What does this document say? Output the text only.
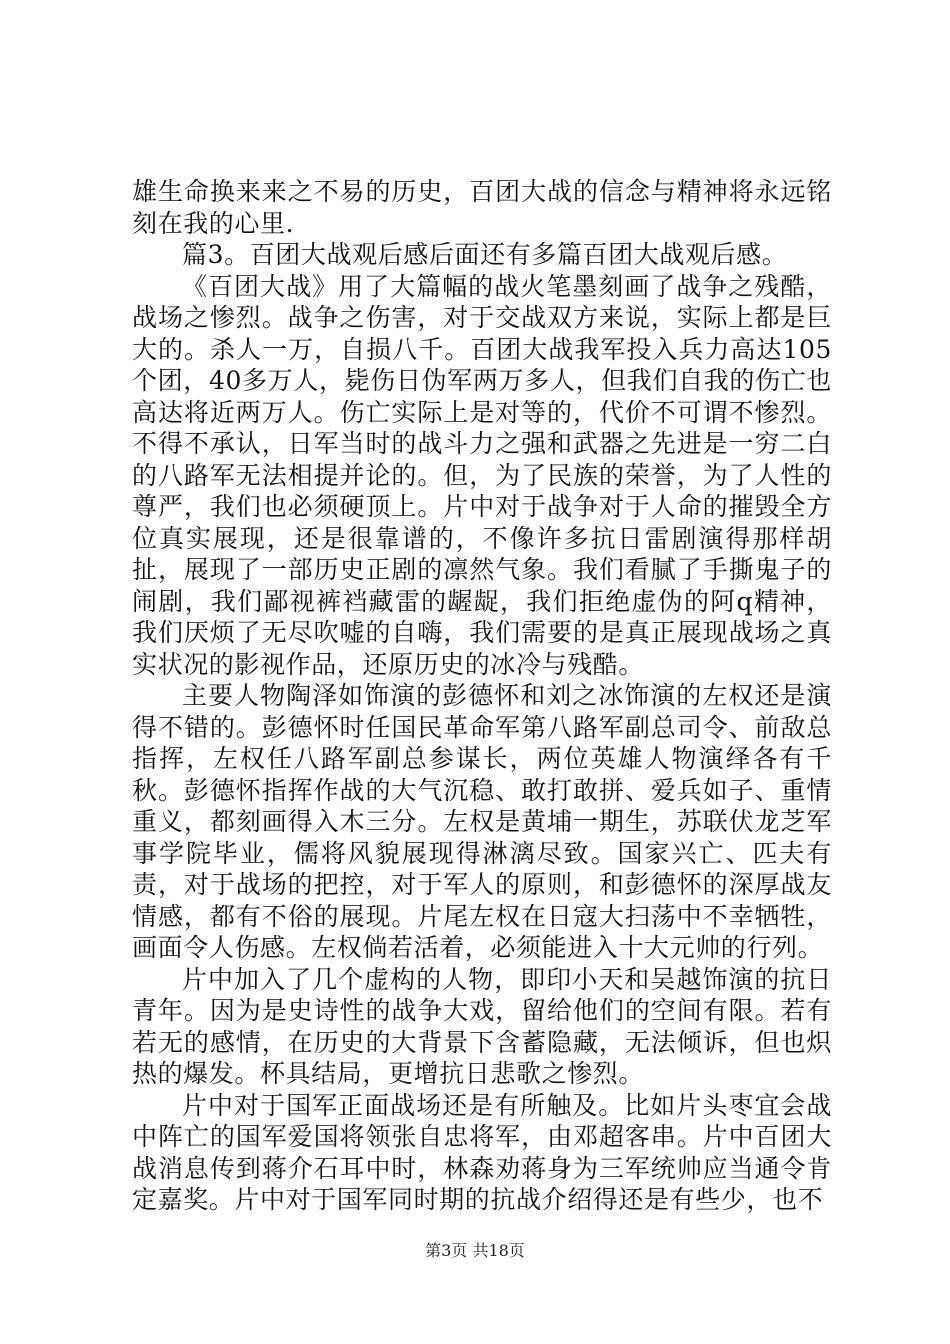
雄生命换来来之不易的历史，百团大战的信念与精神将永远铭刻在我的心里.

篇3。百团大战观后感后面还有多篇百团大战观后感。

《百团大战》用了大篇幅的战火笔墨刻画了战争之残酷，战场之惨烈。战争之伤害，对于交战双方来说，实际上都是巨大的。杀人一万，自损八千。百团大战我军投入兵力高达105个团，40多万人，毙伤日伪军两万多人，但我们自我的伤亡也高达将近两万人。伤亡实际上是对等的，代价不可谓不惨烈。不得不承认，日军当时的战斗力之强和武器之先进是一穷二白的八路军无法相提并论的。但，为了民族的荣誉，为了人性的尊严，我们也必须硬顶上。片中对于战争对于人命的摧毁全方位真实展现，还是很靠谱的，不像许多抗日雷剧演得那样胡扯，展现了一部历史正剧的凛然气象。我们看腻了手撕鬼子的闹剧，我们鄙视裤裆藏雷的龌龊，我们拒绝虚伪的阿q精神，我们厌烦了无尽吹嘘的自嗨，我们需要的是真正展现战场之真实状况的影视作品，还原历史的冰冷与残酷。

主要人物陶泽如饰演的彭德怀和刘之冰饰演的左权还是演得不错的。彭德怀时任国民革命军第八路军副总司令、前敌总指挥，左权任八路军副总参谋长，两位英雄人物演绎各有千秋。彭德怀指挥作战的大气沉稳、敢打敢拼、爱兵如子、重情重义，都刻画得入木三分。左权是黄埔一期生，苏联伏龙芝军事学院毕业，儒将风貌展现得淋漓尽致。国家兴亡、匹夫有责，对于战场的把控，对于军人的原则，和彭德怀的深厚战友情感，都有不俗的展现。片尾左权在日寇大扫荡中不幸牺牲，画面令人伤感。左权倘若活着，必须能进入十大元帅的行列。

片中加入了几个虚构的人物，即印小天和吴越饰演的抗日青年。因为是史诗性的战争大戏，留给他们的空间有限。若有若无的感情，在历史的大背景下含蓄隐藏，无法倾诉，但也炽热的爆发。杯具结局，更增抗日悲歌之惨烈。

片中对于国军正面战场还是有所触及。比如片头枣宜会战中阵亡的国军爱国将领张自忠将军，由邓超客串。片中百团大战消息传到蒋介石耳中时，林森劝蒋身为三军统帅应当通令肯定嘉奖。片中对于国军同时期的抗战介绍得还是有些少，也不

第3页 共18页
